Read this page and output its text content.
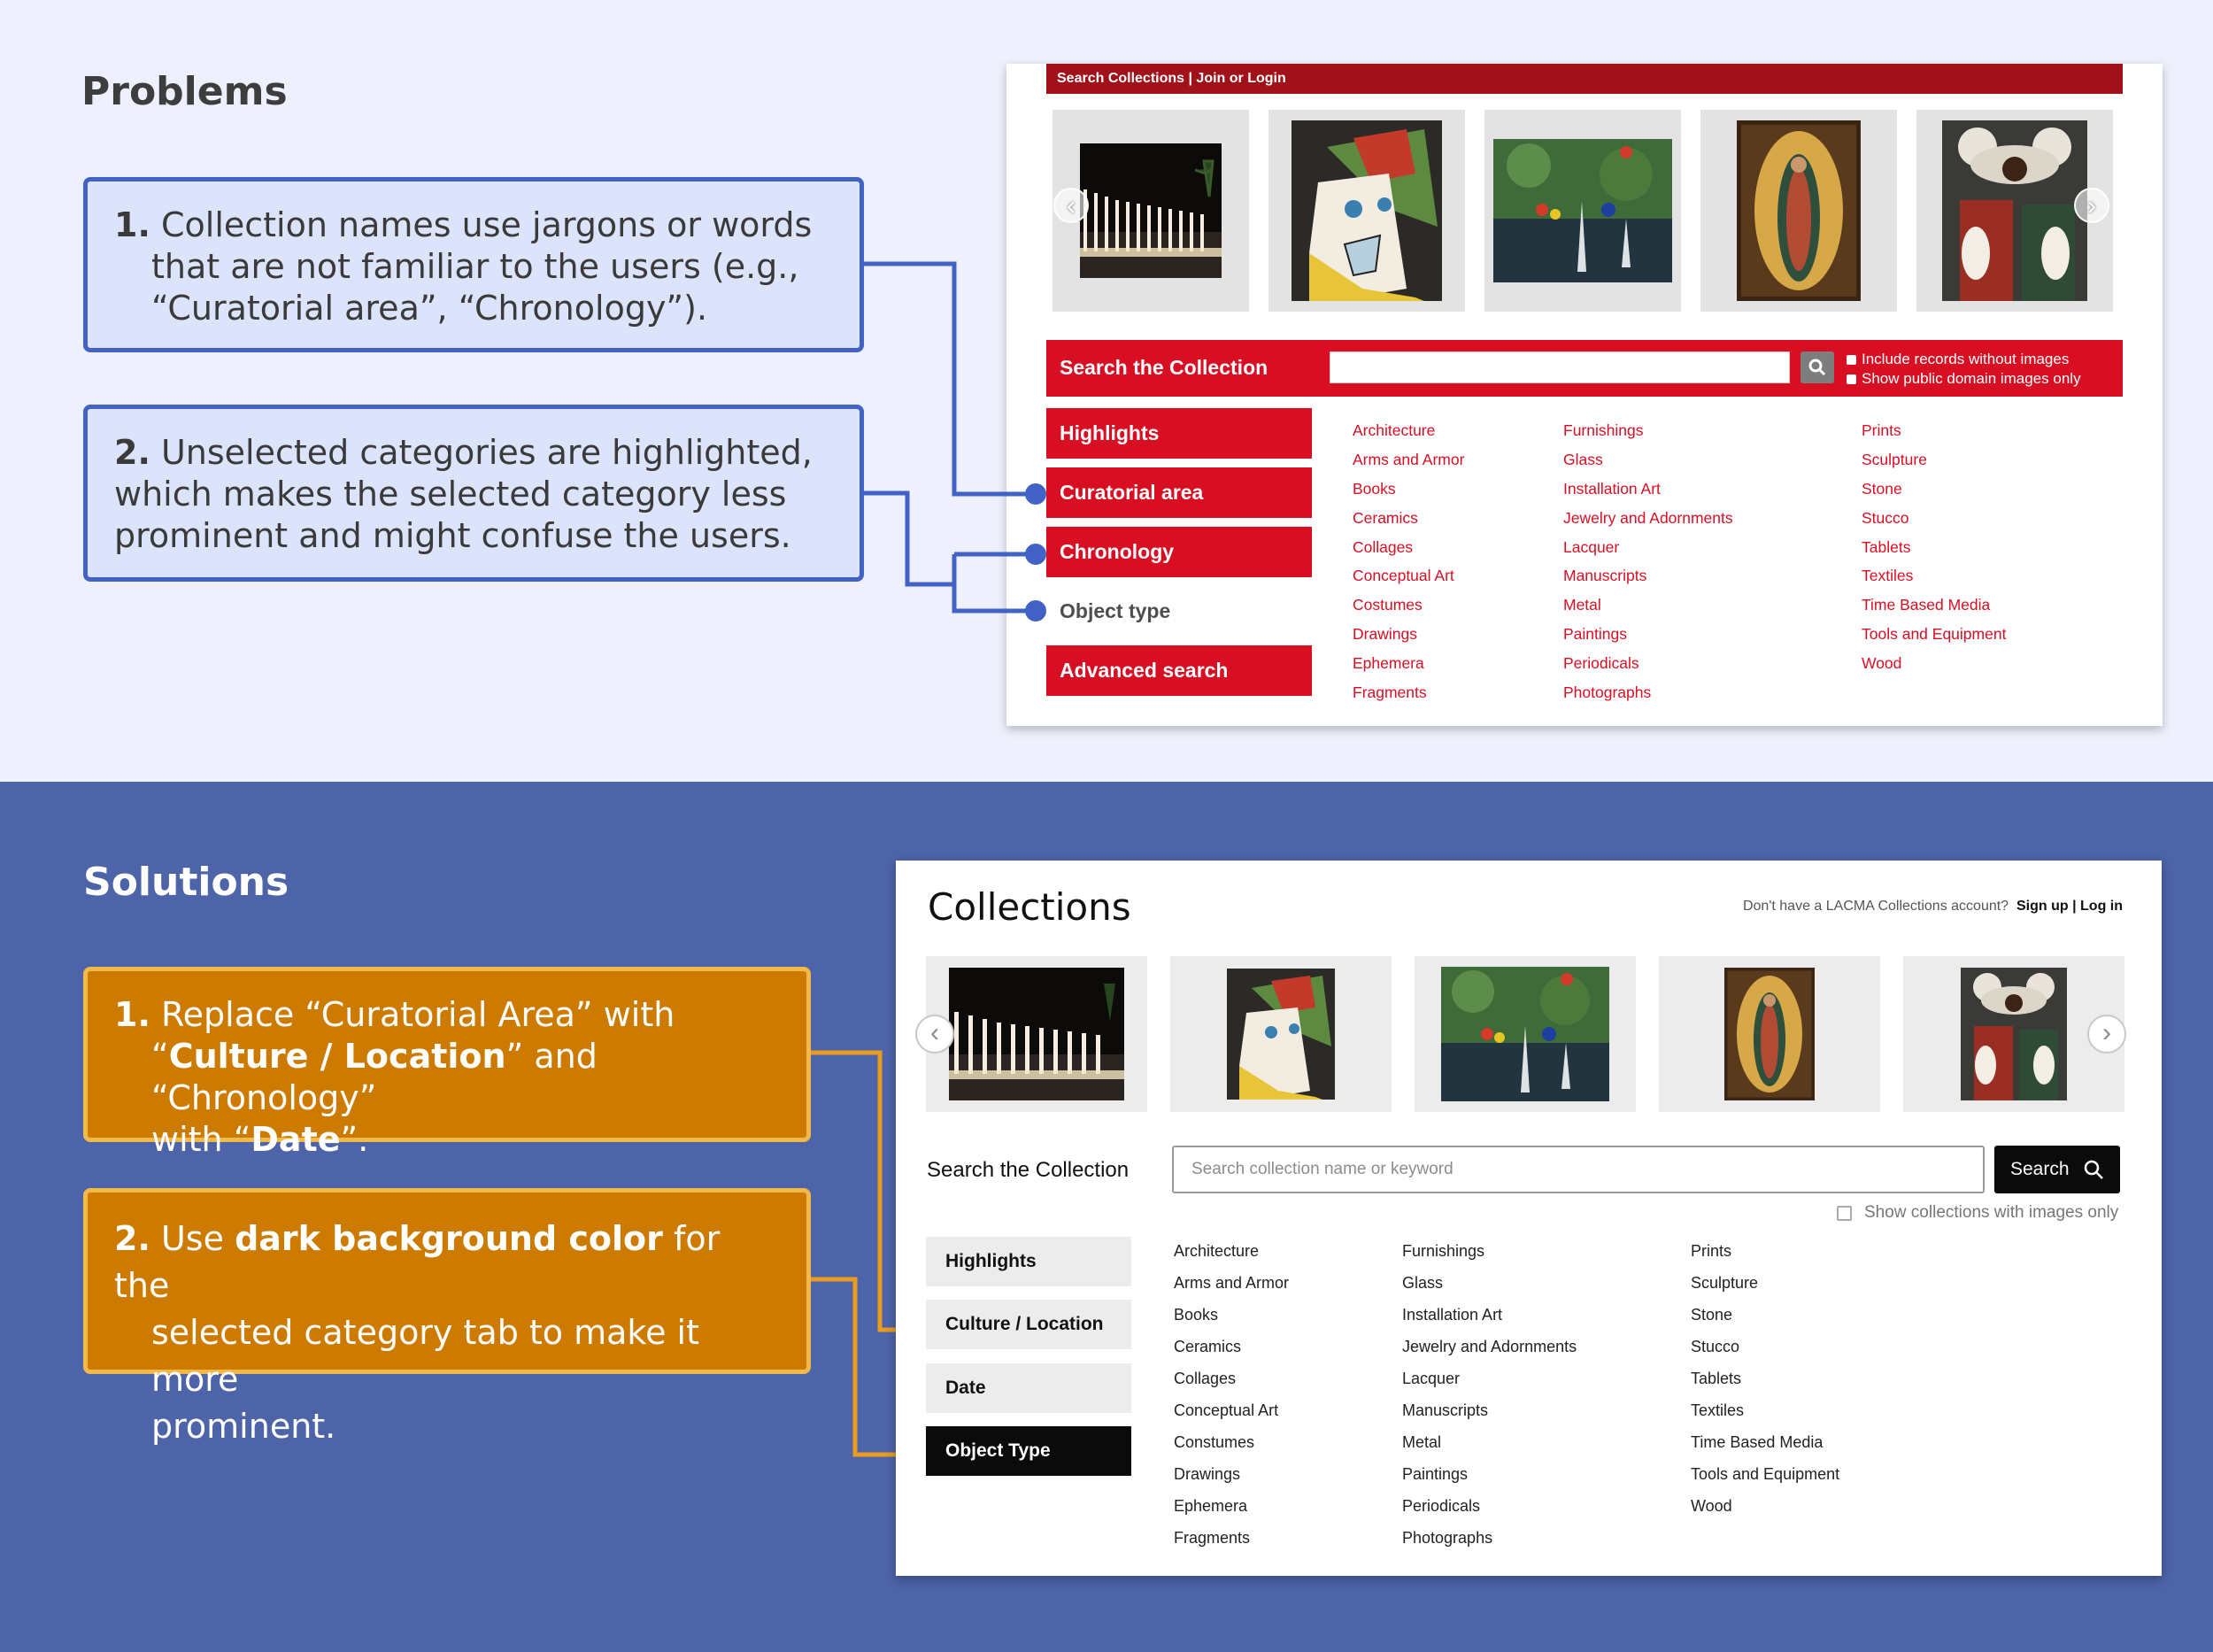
Problems
1. Collection names use jargons or words
that are not familiar to the users (e.g.,
“Curatorial area”, “Chronology”).
2. Unselected categories are highlighted,
which makes the selected category less
prominent and might confuse the users.
Search Collections | Join or Login
‹	›
Search the Collection	Include records without images
Show public domain images only
Highlights
Curatorial area
Chronology
Object type
Advanced search
Architecture
Arms and Armor
Books
Ceramics
Collages
Conceptual Art
Costumes
Drawings
Ephemera
Fragments
Furnishings
Glass
Installation Art
Jewelry and Adornments
Lacquer
Manuscripts
Metal
Paintings
Periodicals
Photographs
Prints
Sculpture
Stone
Stucco
Tablets
Textiles
Time Based Media
Tools and Equipment
Wood
Solutions
1. Replace “Curatorial Area” with
“Culture / Location” and “Chronology”
with “Date”.
2. Use dark background color for the
selected category tab to make it more
prominent.
Collections	Don't have a LACMA Collections account? Sign up | Log in
‹	›
Search the Collection	Search collection name or keyword	Search
Show collections with images only
Highlights
Culture / Location
Date
Object Type
Architecture
Arms and Armor
Books
Ceramics
Collages
Conceptual Art
Constumes
Drawings
Ephemera
Fragments
Furnishings
Glass
Installation Art
Jewelry and Adornments
Lacquer
Manuscripts
Metal
Paintings
Periodicals
Photographs
Prints
Sculpture
Stone
Stucco
Tablets
Textiles
Time Based Media
Tools and Equipment
Wood
